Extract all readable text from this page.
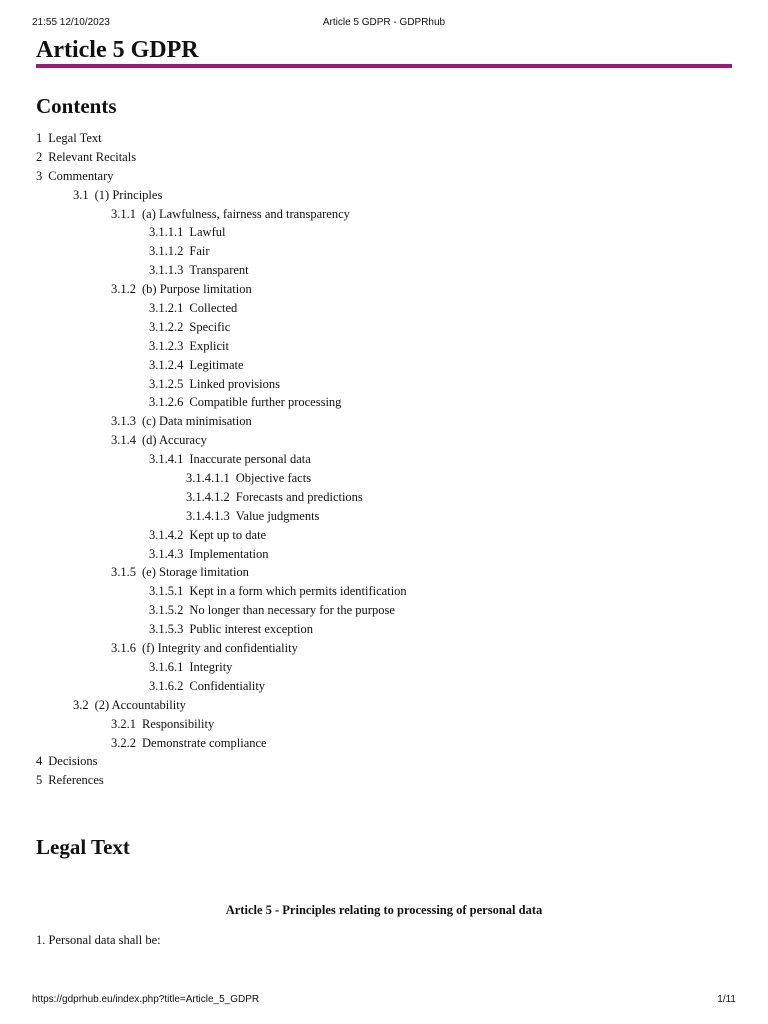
21:55 12/10/2023	Article 5 GDPR - GDPRhub
Article 5 GDPR
Contents
1 Legal Text
2 Relevant Recitals
3 Commentary
3.1 (1) Principles
3.1.1 (a) Lawfulness, fairness and transparency
3.1.1.1 Lawful
3.1.1.2 Fair
3.1.1.3 Transparent
3.1.2 (b) Purpose limitation
3.1.2.1 Collected
3.1.2.2 Specific
3.1.2.3 Explicit
3.1.2.4 Legitimate
3.1.2.5 Linked provisions
3.1.2.6 Compatible further processing
3.1.3 (c) Data minimisation
3.1.4 (d) Accuracy
3.1.4.1 Inaccurate personal data
3.1.4.1.1 Objective facts
3.1.4.1.2 Forecasts and predictions
3.1.4.1.3 Value judgments
3.1.4.2 Kept up to date
3.1.4.3 Implementation
3.1.5 (e) Storage limitation
3.1.5.1 Kept in a form which permits identification
3.1.5.2 No longer than necessary for the purpose
3.1.5.3 Public interest exception
3.1.6 (f) Integrity and confidentiality
3.1.6.1 Integrity
3.1.6.2 Confidentiality
3.2 (2) Accountability
3.2.1 Responsibility
3.2.2 Demonstrate compliance
4 Decisions
5 References
Legal Text

Article 5 - Principles relating to processing of personal data

1. Personal data shall be:

https://gdprhub.eu/index.php?title=Article_5_GDPR	1/11
